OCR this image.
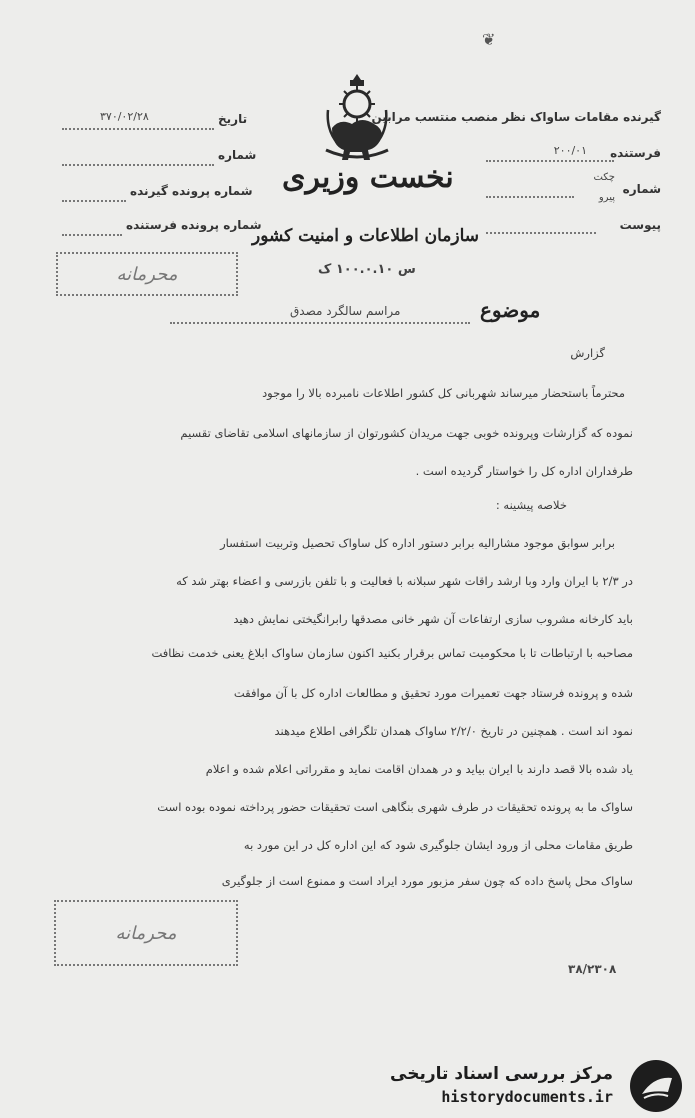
❦
گیرنده مقامات ساواک نظر منصب منتسب مرابین
فرستنده
۲۰۰/۰۱
شماره
چکت
پیرو
پیوست
تاریخ
۳۷۰/۰۲/۲۸
شماره
شماره پرونده گیرنده
شماره پرونده فرستنده
نخست وزیری
سازمان اطلاعات و امنیت کشور
س ۱۰۰.۰.۱۰ ک
محرمانه
موضوع
مراسم سالگرد مصدق
گزارش
محترماً باستحضار میرساند شهربانی کل کشور اطلاعات نامبرده بالا را موجود
نموده که گزارشات وپرونده خوبی جهت مریدان کشورتوان از سازمانهای اسلامی تقاضای تقسیم
طرفداران اداره کل را خواستار گردیده است .
خلاصه پیشینه :
برابر سوابق موجود مشارالیه برابر دستور اداره کل ساواک تحصیل وتربیت استفسار
در ۲/۳ با ایران وارد وبا ارشد راقات شهر سبلانه با فعالیت و با تلفن بازرسی و اعضاء بهتر شد که
باید کارخانه مشروب سازی ارتفاعات آن شهر خانی مصدقها رابرانگیختی نمایش دهید
مصاحبه با ارتباطات تا با محکومیت تماس برقرار بکنید اکنون سازمان ساواک ابلاغ یعنی خدمت نظافت
شده و پرونده فرستاد جهت تعمیرات مورد تحقیق و مطالعات اداره کل با آن موافقت
نمود اند است . همچنین در تاریخ ۲/۲/۰ ساواک همدان تلگرافی اطلاع میدهند
یاد شده بالا قصد دارند با ایران بیاید و در همدان اقامت نماید و مقرراتی اعلام شده و اعلام
ساواک ما به پرونده تحقیقات در طرف شهری بنگاهی است تحقیقات حضور پرداخته نموده بوده است
طریق مقامات محلی از ورود ایشان جلوگیری شود که این اداره کل در این مورد به
ساواک محل پاسخ داده که چون سفر مزبور مورد ایراد است و ممنوع است از جلوگیری
محرمانه
۳۸/۲۳۰۸
مرکز بررسی اسناد تاریخی
historydocuments.ir
